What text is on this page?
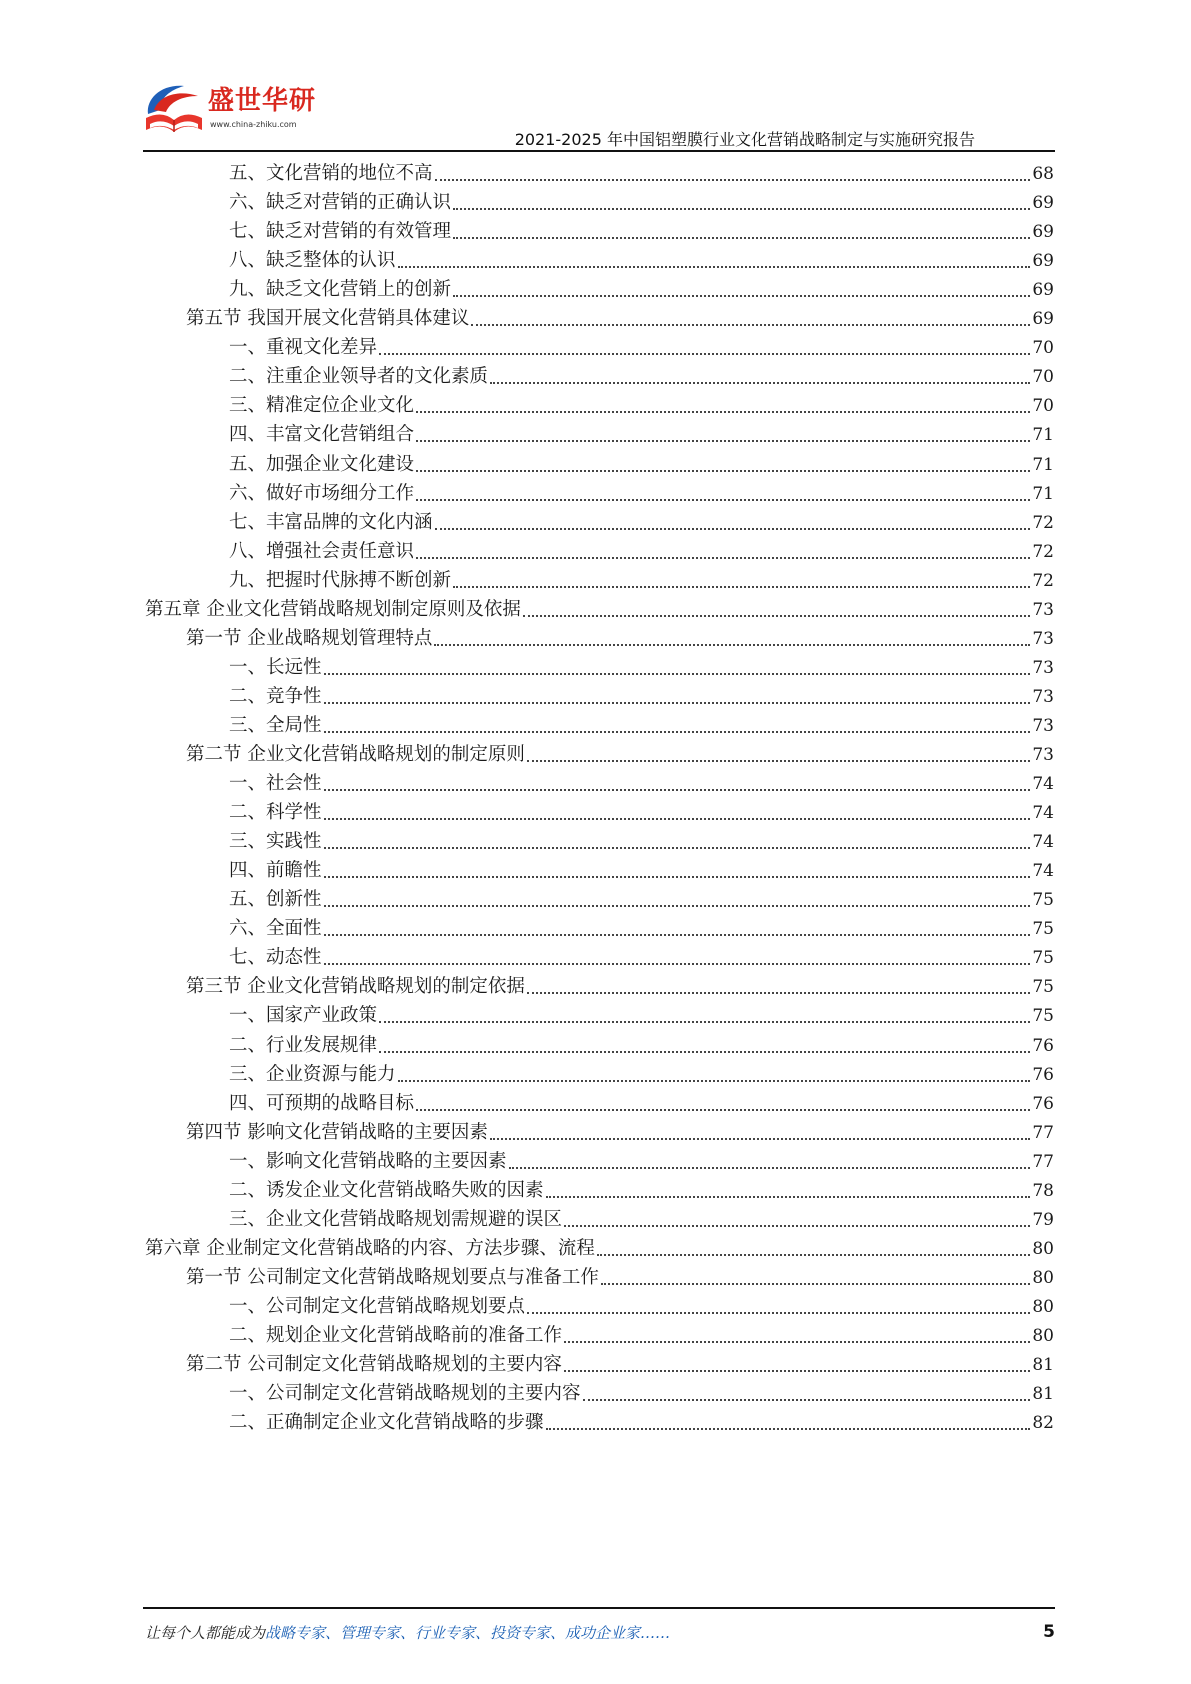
盛世华研
www.china-zhiku.com
2021-2025 年中国铝塑膜行业文化营销战略制定与实施研究报告
五、文化营销的地位不高	68
六、缺乏对营销的正确认识	69
七、缺乏对营销的有效管理	69
八、缺乏整体的认识	69
九、缺乏文化营销上的创新	69
第五节 我国开展文化营销具体建议	69
一、重视文化差异	70
二、注重企业领导者的文化素质	70
三、精准定位企业文化	70
四、丰富文化营销组合	71
五、加强企业文化建设	71
六、做好市场细分工作	71
七、丰富品牌的文化内涵	72
八、增强社会责任意识	72
九、把握时代脉搏不断创新	72
第五章 企业文化营销战略规划制定原则及依据	73
第一节 企业战略规划管理特点	73
一、长远性	73
二、竞争性	73
三、全局性	73
第二节 企业文化营销战略规划的制定原则	73
一、社会性	74
二、科学性	74
三、实践性	74
四、前瞻性	74
五、创新性	75
六、全面性	75
七、动态性	75
第三节 企业文化营销战略规划的制定依据	75
一、国家产业政策	75
二、行业发展规律	76
三、企业资源与能力	76
四、可预期的战略目标	76
第四节 影响文化营销战略的主要因素	77
一、影响文化营销战略的主要因素	77
二、诱发企业文化营销战略失败的因素	78
三、企业文化营销战略规划需规避的误区	79
第六章 企业制定文化营销战略的内容、方法步骤、流程	80
第一节 公司制定文化营销战略规划要点与准备工作	80
一、公司制定文化营销战略规划要点	80
二、规划企业文化营销战略前的准备工作	80
第二节 公司制定文化营销战略规划的主要内容	81
一、公司制定文化营销战略规划的主要内容	81
二、正确制定企业文化营销战略的步骤	82
让每个人都能成为战略专家、管理专家、行业专家、投资专家、成功企业家……	5
